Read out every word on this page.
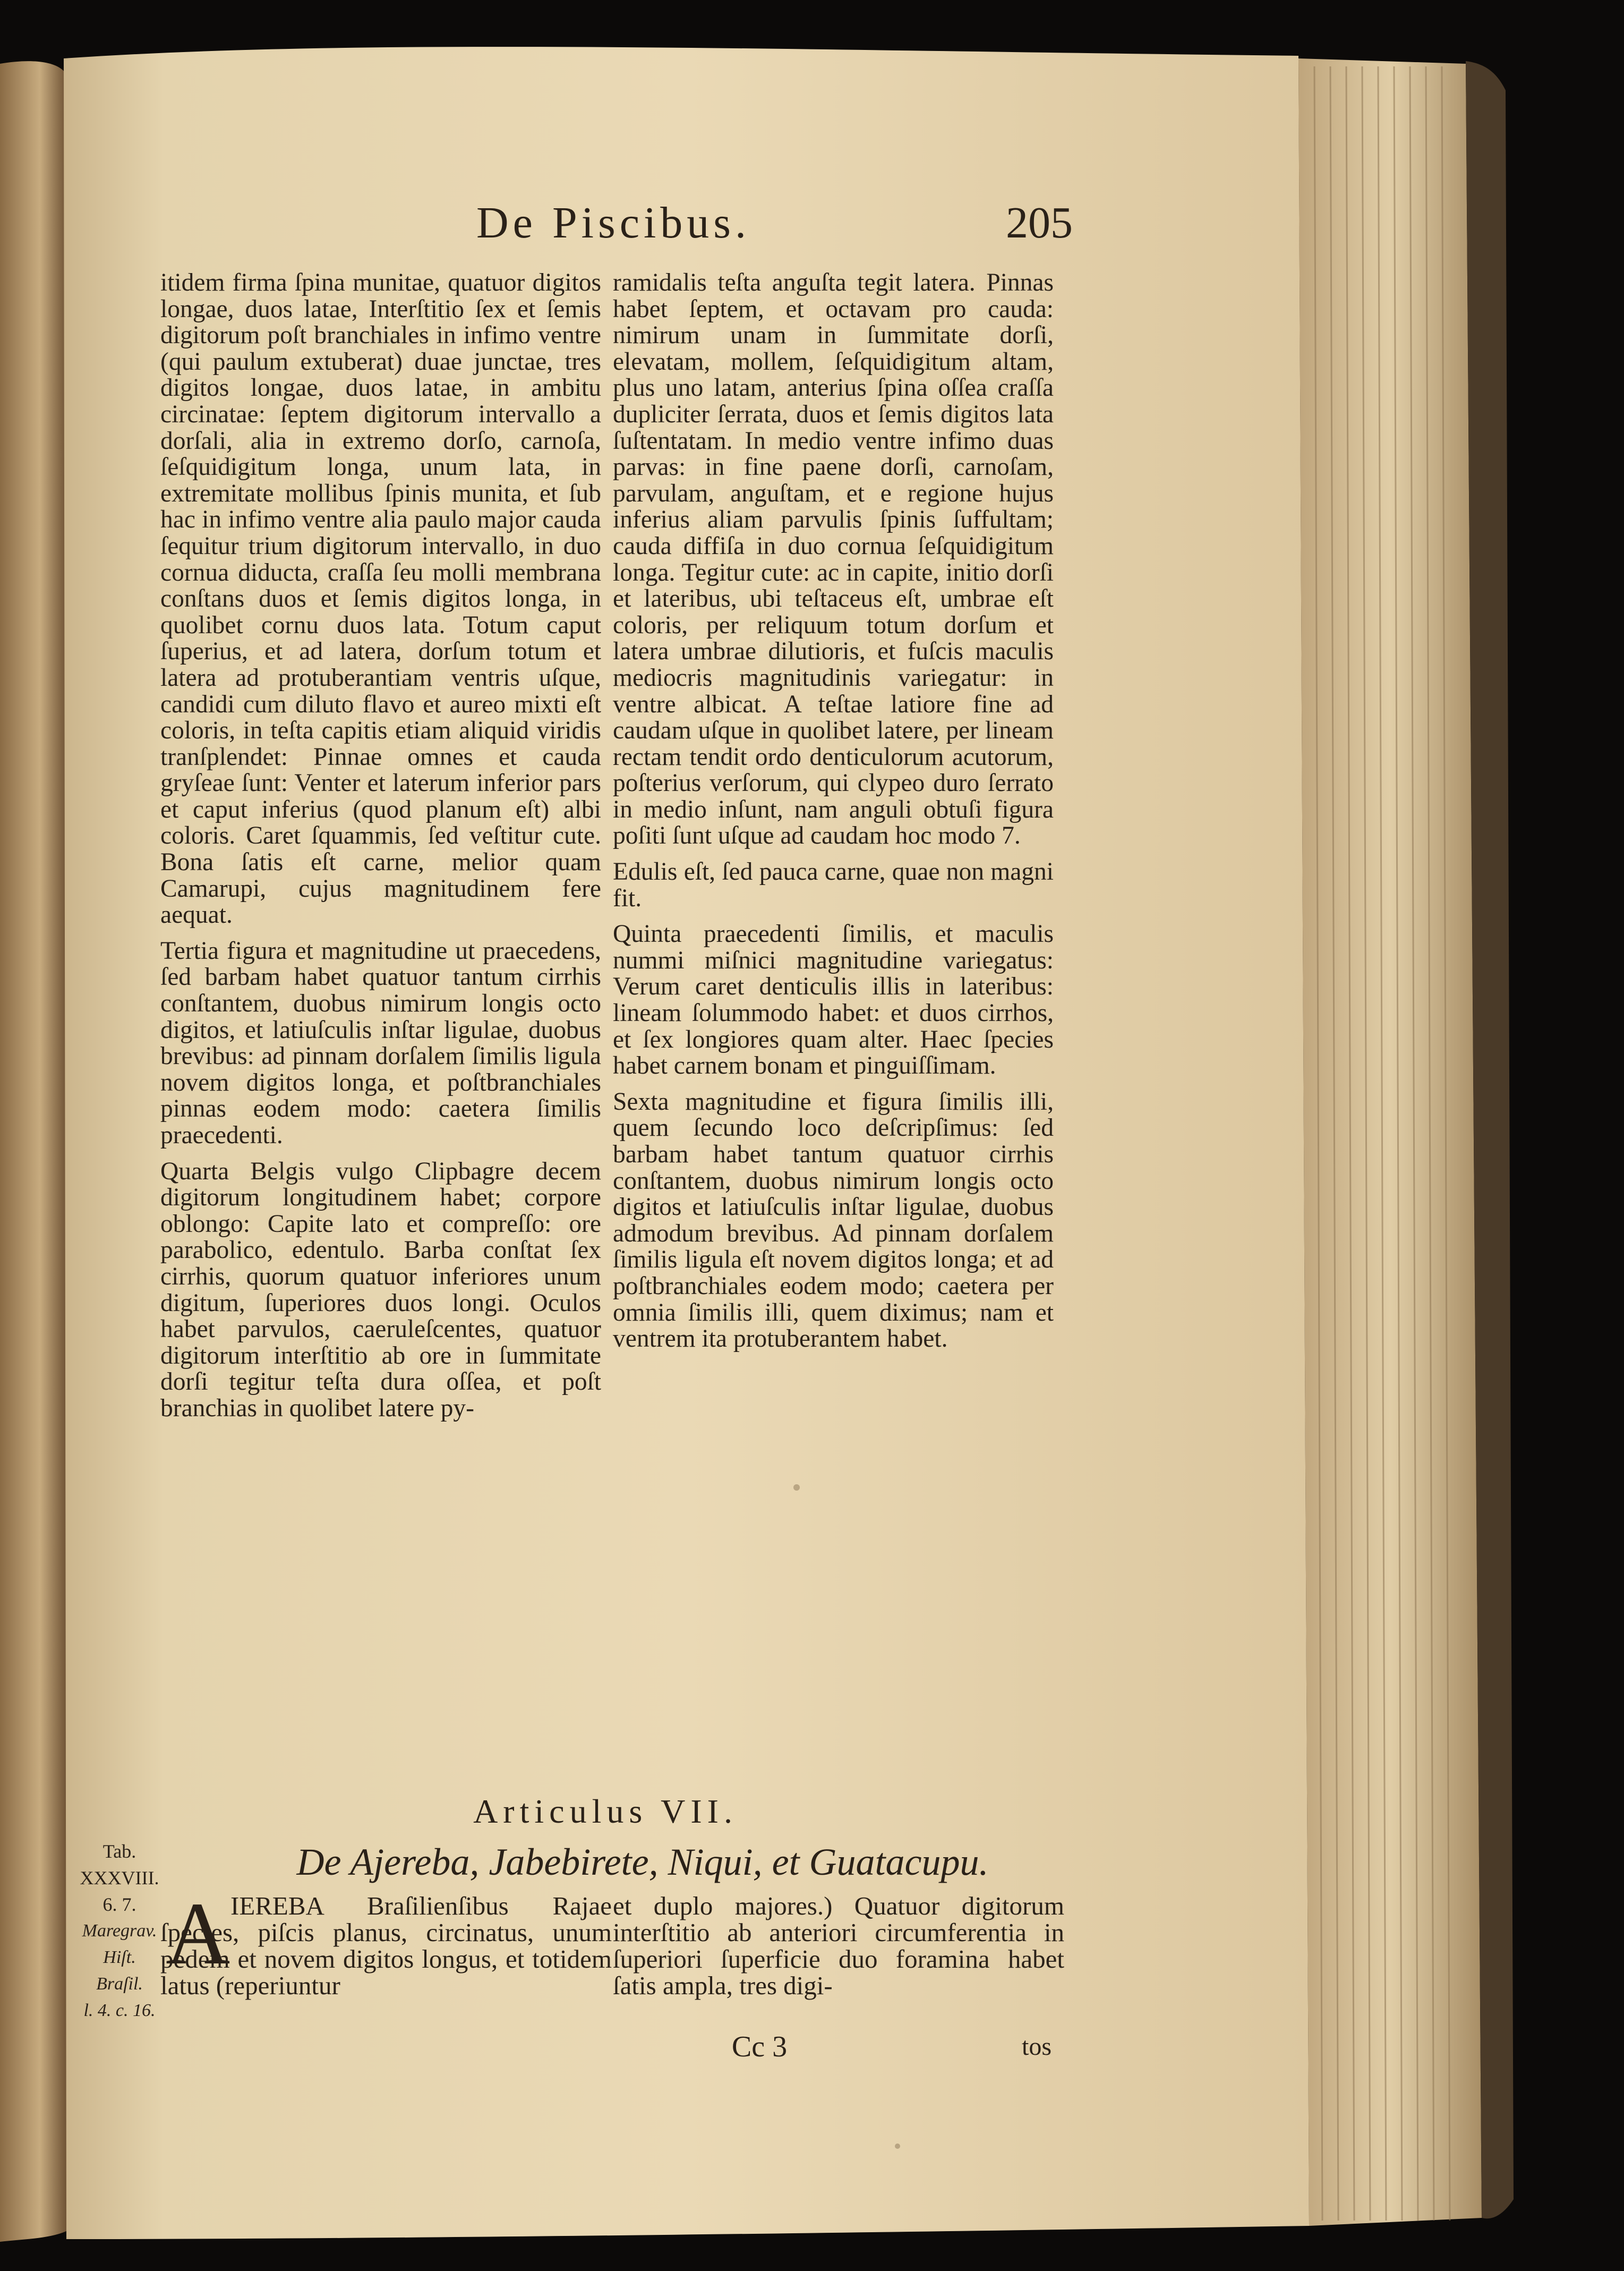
De Piscibus.	205

itidem firma ſpina munitae, quatuor digitos longae, duos latae, Interſtitio ſex et ſemis digitorum poſt branchiales in infimo ventre (qui paulum extuberat) duae junctae, tres digitos longae, duos latae, in ambitu circinatae: ſeptem digitorum intervallo a dorſali, alia in extremo dorſo, carnoſa, ſeſquidigitum longa, unum lata, in extremitate mollibus ſpinis munita, et ſub hac in infimo ventre alia paulo major cauda ſequitur trium digitorum intervallo, in duo cornua diducta, craſſa ſeu molli membrana conſtans duos et ſemis digitos longa, in quolibet cornu duos lata. Totum caput ſuperius, et ad latera, dorſum totum et latera ad protuberantiam ventris uſque, candidi cum diluto flavo et aureo mixti eſt coloris, in teſta capitis etiam aliquid viridis tranſplendet: Pinnae omnes et cauda gryſeae ſunt: Venter et laterum inferior pars et caput inferius (quod planum eſt) albi coloris. Caret ſquammis, ſed veſtitur cute. Bona ſatis eſt carne, melior quam Camarupi, cujus magnitudinem fere aequat.

Tertia figura et magnitudine ut praecedens, ſed barbam habet quatuor tantum cirrhis conſtantem, duobus nimirum longis octo digitos, et latiuſculis inſtar ligulae, duobus brevibus: ad pinnam dorſalem ſimilis ligula novem digitos longa, et poſtbranchiales pinnas eodem modo: caetera ſimilis praecedenti.

Quarta Belgis vulgo Clipbagre decem digitorum longitudinem habet; corpore oblongo: Capite lato et compreſſo: ore parabolico, edentulo. Barba conſtat ſex cirrhis, quorum quatuor inferiores unum digitum, ſuperiores duos longi. Oculos habet parvulos, caeruleſcentes, quatuor digitorum interſtitio ab ore in ſummitate dorſi tegitur teſta dura oſſea, et poſt branchias in quolibet latere py-

ramidalis teſta anguſta tegit latera. Pinnas habet ſeptem, et octavam pro cauda: nimirum unam in ſummitate dorſi, elevatam, mollem, ſeſquidigitum altam, plus uno latam, anterius ſpina oſſea craſſa dupliciter ſerrata, duos et ſemis digitos lata ſuſtentatam. In medio ventre infimo duas parvas: in fine paene dorſi, carnoſam, parvulam, anguſtam, et e regione hujus inferius aliam parvulis ſpinis ſuffultam; cauda diffiſa in duo cornua ſeſquidigitum longa. Tegitur cute: ac in capite, initio dorſi et lateribus, ubi teſtaceus eſt, umbrae eſt coloris, per reliquum totum dorſum et latera umbrae dilutioris, et fuſcis maculis mediocris magnitudinis variegatur: in ventre albicat. A teſtae latiore fine ad caudam uſque in quolibet latere, per lineam rectam tendit ordo denticulorum acutorum, poſterius verſorum, qui clypeo duro ſerrato in medio inſunt, nam anguli obtuſi figura poſiti ſunt uſque ad caudam hoc modo 7.

Edulis eſt, ſed pauca carne, quae non magni fit.

Quinta praecedenti ſimilis, et maculis nummi miſnici magnitudine variegatus: Verum caret denticulis illis in lateribus: lineam ſolummodo habet: et duos cirrhos, et ſex longiores quam alter. Haec ſpecies habet carnem bonam et pinguiſſimam.

Sexta magnitudine et figura ſimilis illi, quem ſecundo loco deſcripſimus: ſed barbam habet tantum quatuor cirrhis conſtantem, duobus nimirum longis octo digitos et latiuſculis inſtar ligulae, duobus admodum brevibus. Ad pinnam dorſalem ſimilis ligula eſt novem digitos longa; et ad poſtbranchiales eodem modo; caetera per omnia ſimilis illi, quem diximus; nam et ventrem ita protuberantem habet.

Articulus VII.
De Ajereba, Jabebirete, Niqui, et Guatacupu.
Tab.
XXXVIII.
6. 7.
Maregrav.
Hiſt. Braſil.
l. 4. c. 16.
A IEREBA Braſilienſibus Rajae ſpecies, piſcis planus, circinatus, unum pedem et novem digitos longus, et totidem latus (reperiuntur
et duplo majores.) Quatuor digitorum interſtitio ab anteriori circumferentia in ſuperiori ſuperficie duo foramina habet ſatis ampla, tres digi-
Cc 3	tos
